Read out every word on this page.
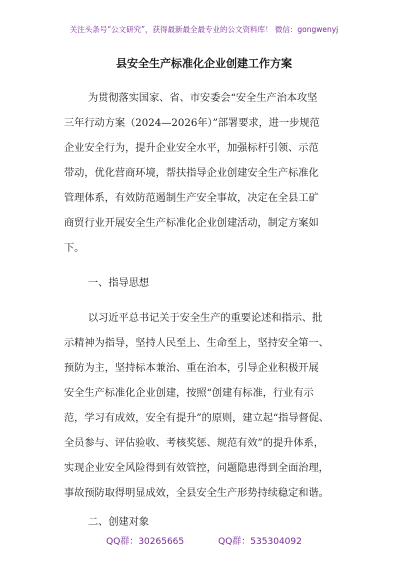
关注头条号“公文研究”，获得最新最全最专业的公文资料库！ 微信：gongwenyj
县安全生产标准化企业创建工作方案
为贯彻落实国家、省、市安委会“安全生产治本攻坚
三年行动方案（2024—2026年）”部署要求，进一步规范
企业安全行为，提升企业安全水平，加强标杆引领、示范
带动，优化营商环境，帮扶指导企业创建安全生产标准化
管理体系，有效防范遏制生产安全事故，决定在全县工矿
商贸行业开展安全生产标准化企业创建活动，制定方案如
下。
一、指导思想
以习近平总书记关于安全生产的重要论述和指示、批
示精神为指导，坚持人民至上、生命至上，坚持安全第一、
预防为主，坚持标本兼治、重在治本，引导企业积极开展
安全生产标准化企业创建，按照“创建有标准，行业有示
范，学习有成效，安全有提升”的原则，建立起“指导督促、
全员参与、评估验收、考核奖惩、规范有效”的提升体系，
实现企业安全风险得到有效管控，问题隐患得到全面治理，
事故预防取得明显成效，全县安全生产形势持续稳定和谐。
二、创建对象
QQ群：30265665	QQ群：535304092
